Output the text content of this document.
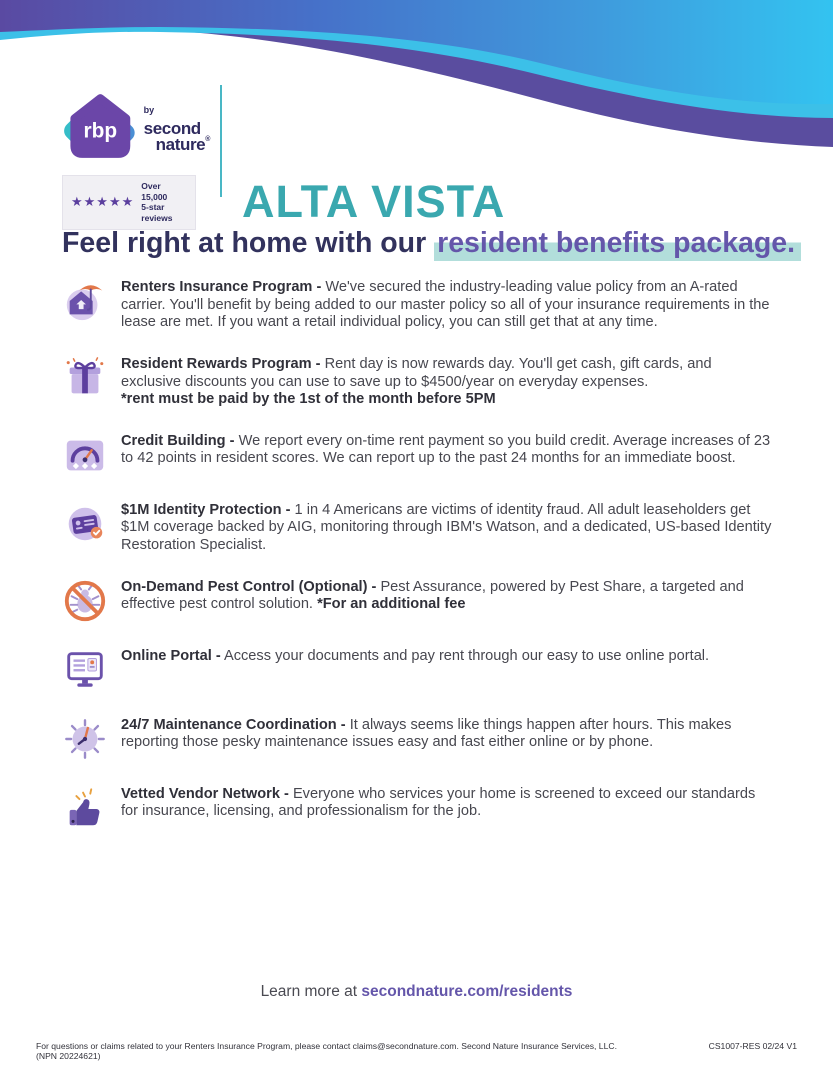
rbp
bysecond
nature®
★★★★★
Over 15,000
5-star reviews	ALTA VISTA
Feel right at home with our resident benefits package.

Renters Insurance Program - We've secured the industry-leading value policy from an A-rated carrier. You'll benefit by being added to our master policy so all of your insurance requirements in the lease are met. If you want a retail individual policy, you can still get that at any time.

Resident Rewards Program - Rent day is now rewards day. You'll get cash, gift cards, and exclusive discounts you can use to save up to $4500/year on everyday expenses.
*rent must be paid by the 1st of the month before 5PM

Credit Building - We report every on-time rent payment so you build credit. Average increases of 23 to 42 points in resident scores. We can report up to the past 24 months for an immediate boost.

$1M Identity Protection - 1 in 4 Americans are victims of identity fraud. All adult leaseholders get $1M coverage backed by AIG, monitoring through IBM's Watson, and a dedicated, US-based Identity Restoration Specialist.

On-Demand Pest Control (Optional) - Pest Assurance, powered by Pest Share, a targeted and effective pest control solution. *For an additional fee

Online Portal - Access your documents and pay rent through our easy to use online portal.

24/7 Maintenance Coordination - It always seems like things happen after hours. This makes reporting those pesky maintenance issues easy and fast either online or by phone.

Vetted Vendor Network - Everyone who services your home is screened to exceed our standards for insurance, licensing, and professionalism for the job.

Learn more at secondnature.com/residents
For questions or claims related to your Renters Insurance Program, please contact claims@secondnature.com. Second Nature Insurance Services, LLC. (NPN 20224621)
CS1007-RES 02/24 V1
